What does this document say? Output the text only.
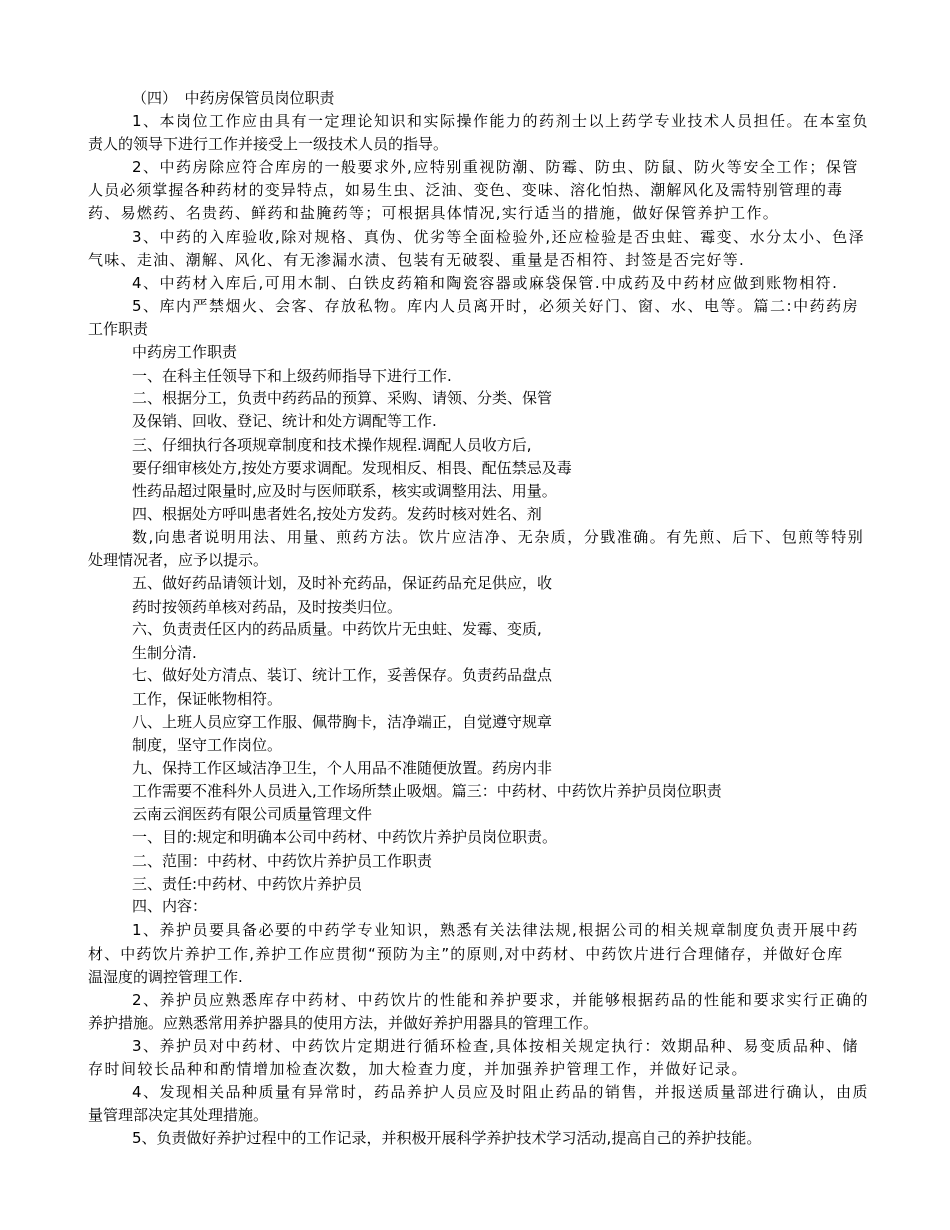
（四）　中药房保管员岗位职责
1、本岗位工作应由具有一定理论知识和实际操作能力的药剂士以上药学专业技术人员担任。在本室负
责人的领导下进行工作并接受上一级技术人员的指导。
2、中药房除应符合库房的一般要求外,应特别重视防潮、防霉、防虫、防鼠、防火等安全工作；保管
人员必须掌握各种药材的变异特点，如易生虫、泛油、变色、变味、溶化怕热、潮解风化及需特别管理的毒
药、易燃药、名贵药、鲜药和盐腌药等；可根据具体情况,实行适当的措施，做好保管养护工作。
3、中药的入库验收,除对规格、真伪、优劣等全面检验外,还应检验是否虫蛀、霉变、水分太小、色泽
气味、走油、潮解、风化、有无渗漏水渍、包装有无破裂、重量是否相符、封签是否完好等.
4、中药材入库后,可用木制、白铁皮药箱和陶瓷容器或麻袋保管.中成药及中药材应做到账物相符.
5、库内严禁烟火、会客、存放私物。库内人员离开时，必须关好门、窗、水、电等。篇二:中药药房
工作职责
中药房工作职责
一、在科主任领导下和上级药师指导下进行工作.
二、根据分工，负责中药药品的预算、采购、请领、分类、保管
及保销、回收、登记、统计和处方调配等工作.
三、仔细执行各项规章制度和技术操作规程.调配人员收方后,
要仔细审核处方,按处方要求调配。发现相反、相畏、配伍禁忌及毒
性药品超过限量时,应及时与医师联系，核实或调整用法、用量。
四、根据处方呼叫患者姓名,按处方发药。发药时核对姓名、剂
数,向患者说明用法、用量、煎药方法。饮片应洁净、无杂质，分戥准确。有先煎、后下、包煎等特别
处理情况者，应予以提示。
五、做好药品请领计划，及时补充药品，保证药品充足供应，收
药时按领药单核对药品，及时按类归位。
六、负责责任区内的药品质量。中药饮片无虫蛀、发霉、变质,
生制分清.
七、做好处方清点、装订、统计工作，妥善保存。负责药品盘点
工作，保证帐物相符。
八、上班人员应穿工作服、佩带胸卡，洁净端正，自觉遵守规章
制度，坚守工作岗位。
九、保持工作区域洁净卫生，个人用品不准随便放置。药房内非
工作需要不准科外人员进入,工作场所禁止吸烟。篇三：中药材、中药饮片养护员岗位职责
云南云润医药有限公司质量管理文件
一、目的:规定和明确本公司中药材、中药饮片养护员岗位职责。
二、范围：中药材、中药饮片养护员工作职责
三、责任:中药材、中药饮片养护员
四、内容：
1、养护员要具备必要的中药学专业知识，熟悉有关法律法规,根据公司的相关规章制度负责开展中药
材、中药饮片养护工作,养护工作应贯彻“预防为主”的原则,对中药材、中药饮片进行合理储存，并做好仓库
温湿度的调控管理工作.
2、养护员应熟悉库存中药材、中药饮片的性能和养护要求，并能够根据药品的性能和要求实行正确的
养护措施。应熟悉常用养护器具的使用方法，并做好养护用器具的管理工作。
3、养护员对中药材、中药饮片定期进行循环检查,具体按相关规定执行：效期品种、易变质品种、储
存时间较长品种和酌情增加检查次数，加大检查力度，并加强养护管理工作，并做好记录。
4、发现相关品种质量有异常时，药品养护人员应及时阻止药品的销售，并报送质量部进行确认，由质
量管理部决定其处理措施。
5、负责做好养护过程中的工作记录，并积极开展科学养护技术学习活动,提高自己的养护技能。
